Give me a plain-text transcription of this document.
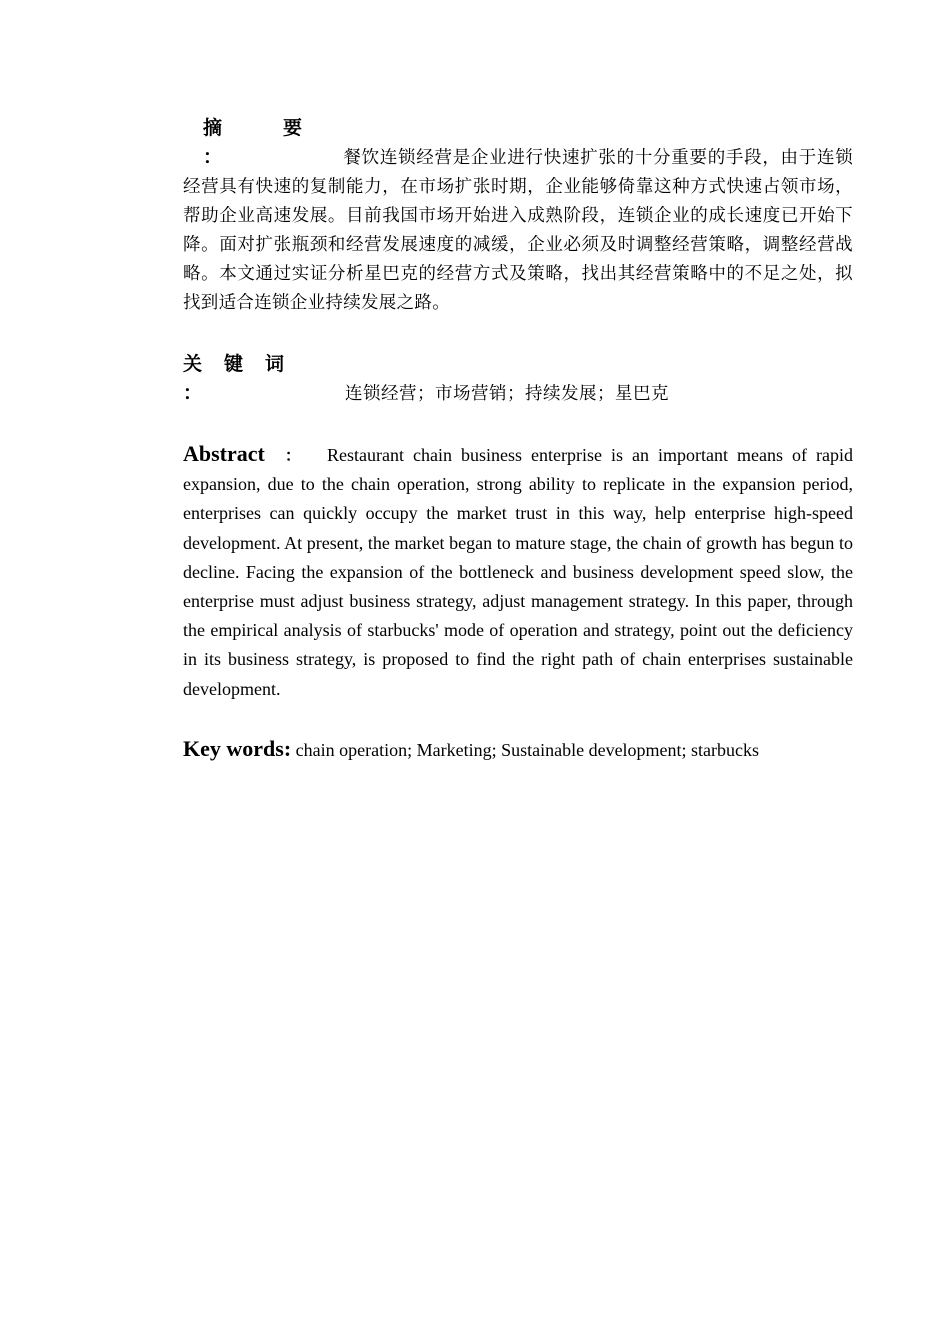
摘	要：	餐饮连锁经营是企业进行快速扩张的十分重要的手段，由于连锁经营具有快速的复制能力，在市场扩张时期，企业能够倚靠这种方式快速占领市场，帮助企业高速发展。目前我国市场开始进入成熟阶段，连锁企业的成长速度已开始下降。面对扩张瓶颈和经营发展速度的减缓，企业必须及时调整经营策略，调整经营战略。本文通过实证分析星巴克的经营方式及策略，找出其经营策略中的不足之处，拟找到适合连锁企业持续发展之路。

关 键 词：	连锁经营；市场营销；持续发展；星巴克

Abstract ： Restaurant chain business enterprise is an important means of rapid expansion, due to the chain operation, strong ability to replicate in the expansion period, enterprises can quickly occupy the market trust in this way, help enterprise high-speed development. At present, the market began to mature stage, the chain of growth has begun to decline. Facing the expansion of the bottleneck and business development speed slow, the enterprise must adjust business strategy, adjust management strategy. In this paper, through the empirical analysis of starbucks' mode of operation and strategy, point out the deficiency in its business strategy, is proposed to find the right path of chain enterprises sustainable development.

Key words: chain operation; Marketing; Sustainable development; starbucks
